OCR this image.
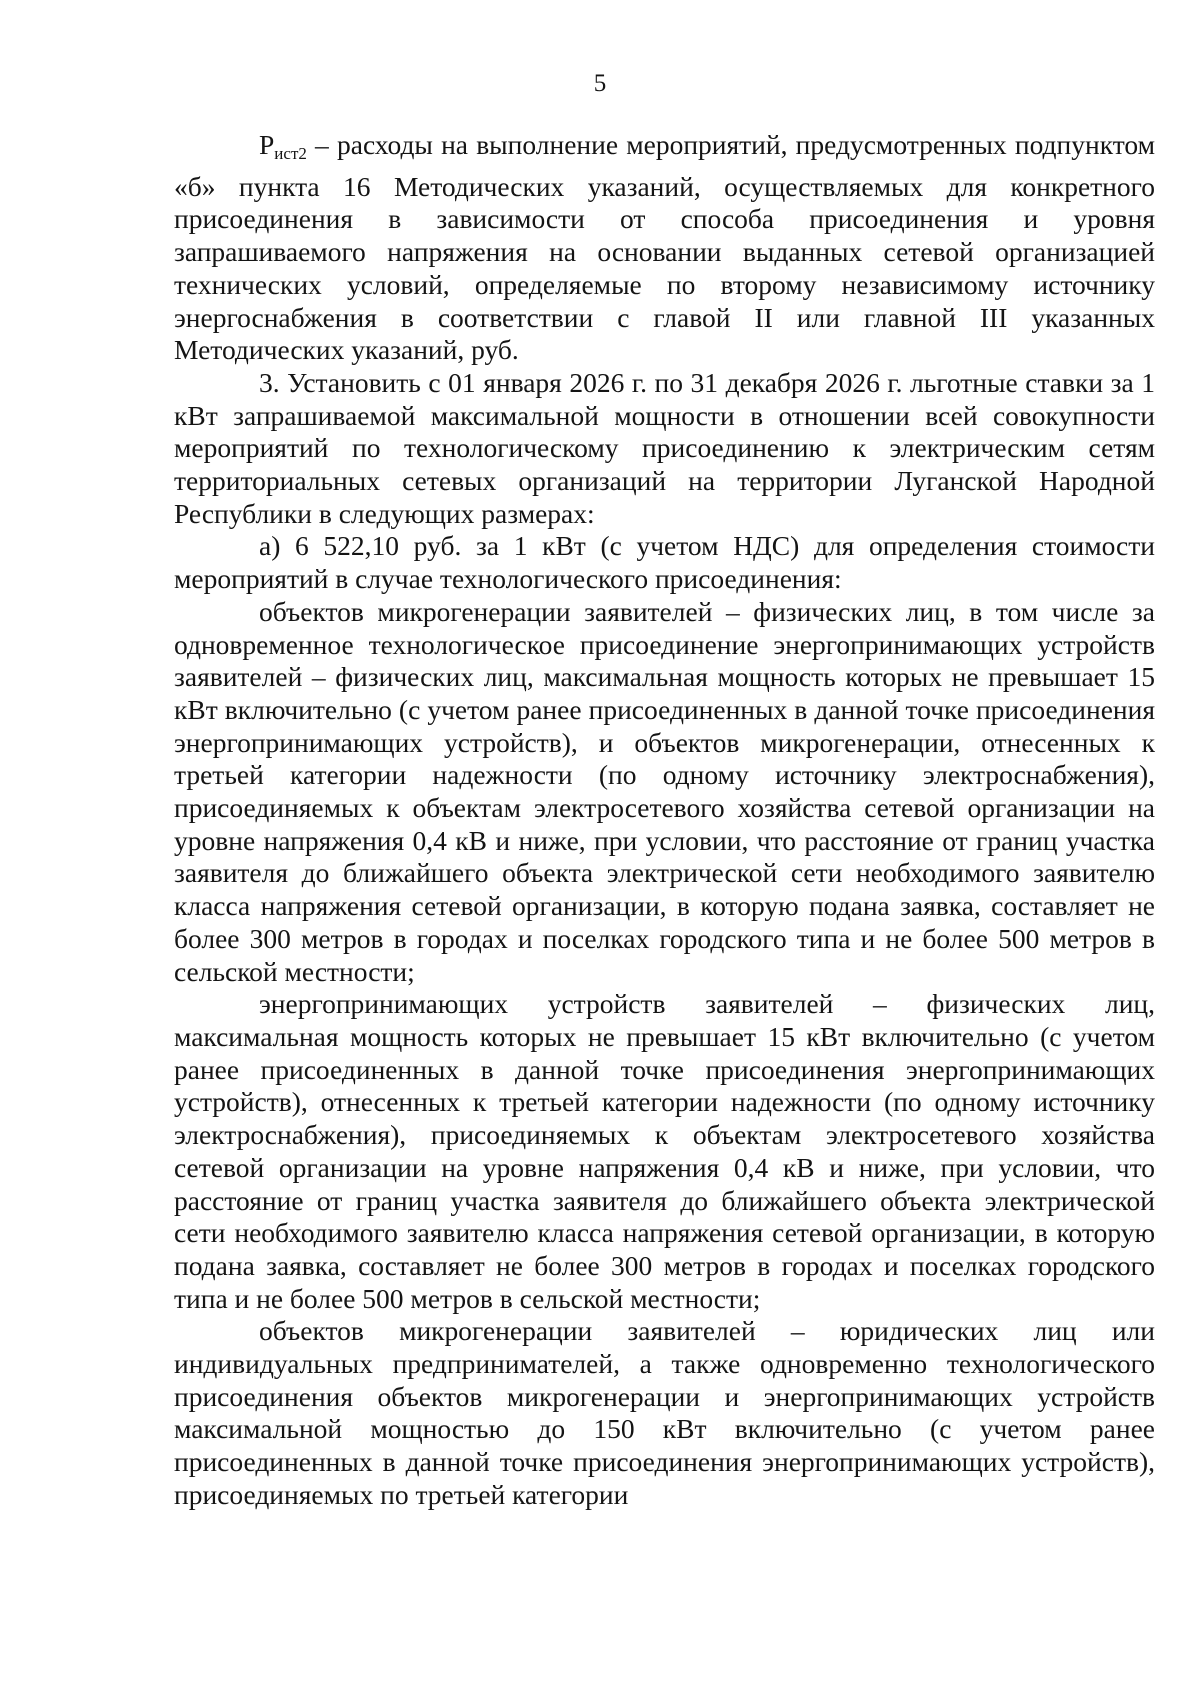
5

$P_{ист2}$ – расходы на выполнение мероприятий, предусмотренных подпунктом «б» пункта 16 Методических указаний, осуществляемых для конкретного присоединения в зависимости от способа присоединения и уровня запрашиваемого напряжения на основании выданных сетевой организацией технических условий, определяемые по второму независимому источнику энергоснабжения в соответствии с главой II или главной III указанных Методических указаний, руб.

3. Установить с 01 января 2026 г. по 31 декабря 2026 г. льготные ставки за 1 кВт запрашиваемой максимальной мощности в отношении всей совокупности мероприятий по технологическому присоединению к электрическим сетям территориальных сетевых организаций на территории Луганской Народной Республики в следующих размерах:

а) 6 522,10 руб. за 1 кВт (с учетом НДС) для определения стоимости мероприятий в случае технологического присоединения:

объектов микрогенерации заявителей – физических лиц, в том числе за одновременное технологическое присоединение энергопринимающих устройств заявителей – физических лиц, максимальная мощность которых не превышает 15 кВт включительно (с учетом ранее присоединенных в данной точке присоединения энергопринимающих устройств), и объектов микрогенерации, отнесенных к третьей категории надежности (по одному источнику электроснабжения), присоединяемых к объектам электросетевого хозяйства сетевой организации на уровне напряжения 0,4 кВ и ниже, при условии, что расстояние от границ участка заявителя до ближайшего объекта электрической сети необходимого заявителю класса напряжения сетевой организации, в которую подана заявка, составляет не более 300 метров в городах и поселках городского типа и не более 500 метров в сельской местности;

энергопринимающих устройств заявителей – физических лиц, максимальная мощность которых не превышает 15 кВт включительно (с учетом ранее присоединенных в данной точке присоединения энергопринимающих устройств), отнесенных к третьей категории надежности (по одному источнику электроснабжения), присоединяемых к объектам электросетевого хозяйства сетевой организации на уровне напряжения 0,4 кВ и ниже, при условии, что расстояние от границ участка заявителя до ближайшего объекта электрической сети необходимого заявителю класса напряжения сетевой организации, в которую подана заявка, составляет не более 300 метров в городах и поселках городского типа и не более 500 метров в сельской местности;

объектов микрогенерации заявителей – юридических лиц или индивидуальных предпринимателей, а также одновременно технологического присоединения объектов микрогенерации и энергопринимающих устройств максимальной мощностью до 150 кВт включительно (с учетом ранее присоединенных в данной точке присоединения энергопринимающих устройств), присоединяемых по третьей категории
